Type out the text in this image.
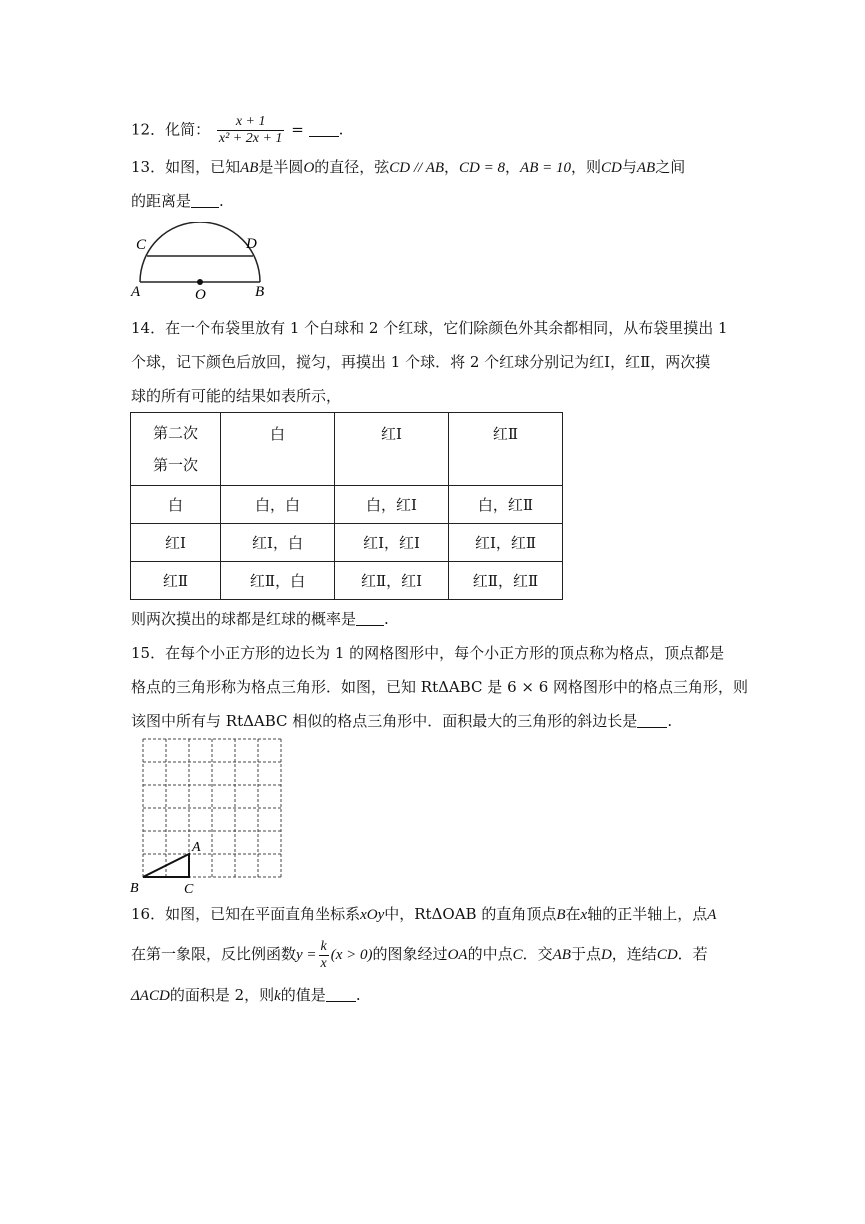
12．化简： $\frac{x + 1}{\text{x² + 2x + 1}}$ = .
13．如图，已知AB是半圆O的直径，弦CD // AB，CD = 8，AB = 10，则CD与AB之间
的距离是 .
C	D
A	O	B
14．在一个布袋里放有 1 个白球和 2 个红球，它们除颜色外其余都相同，从布袋里摸出 1
个球，记下颜色后放回，搅匀，再摸出 1 个球．将 2 个红球分别记为红Ⅰ，红Ⅱ，两次摸
球的所有可能的结果如表所示，
第二次
第一次	白	红Ⅰ	红Ⅱ
白	白，白	白，红Ⅰ	白，红Ⅱ
红Ⅰ	红Ⅰ，白	红Ⅰ，红Ⅰ	红Ⅰ，红Ⅱ
红Ⅱ	红Ⅱ，白	红Ⅱ，红Ⅰ	红Ⅱ，红Ⅱ
则两次摸出的球都是红球的概率是 .
15．在每个小正方形的边长为 1 的网格图形中，每个小正方形的顶点称为格点，顶点都是
格点的三角形称为格点三角形．如图，已知 RtΔABC 是 6 × 6 网格图形中的格点三角形，则
该图中所有与 RtΔABC 相似的格点三角形中．面积最大的三角形的斜边长是 .
A
B	C
16．如图，已知在平面直角坐标系xOy中，RtΔOAB 的直角顶点B在x轴的正半轴上，点A
在第一象限，反比例函数$y = \frac{k}{x} (x > 0)$的图象经过OA的中点C．交AB于点D，连结CD．若
ΔACD的面积是 2，则k的值是 .
